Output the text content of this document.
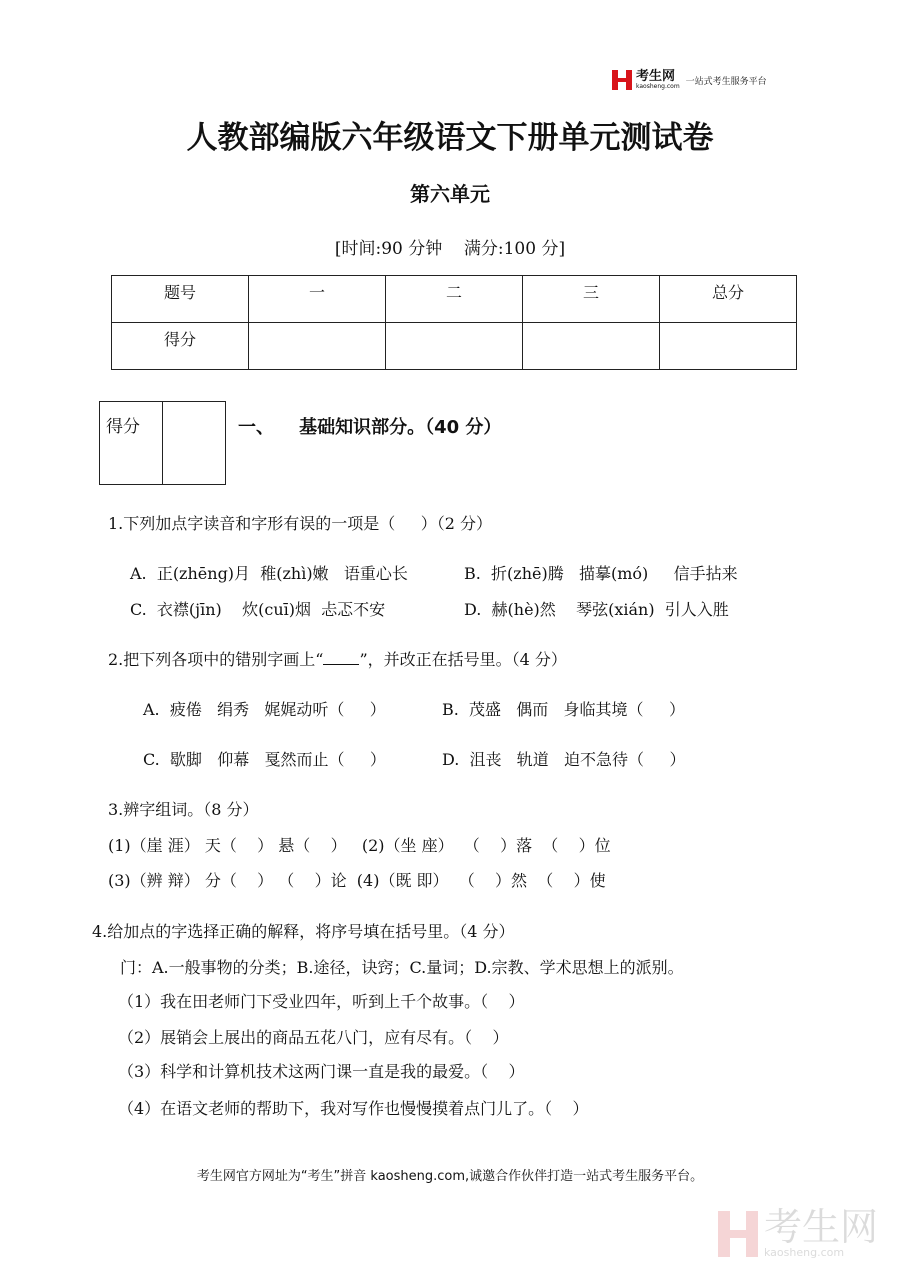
考生网
kaosheng.com 一站式考生服务平台
人教部编版六年级语文下册单元测试卷
第六单元
[时间:90 分钟    满分:100 分]
题号	一	二	三	总分
得分				
得分		一、    基础知识部分。（40 分）
1.下列加点字读音和字形有误的一项是（     ）（2 分）
A.  正(zhēng)月  稚(zhì)嫩   语重心长	B.  折(zhē)腾   描摹(mó)     信手拈来
C.  衣襟(jīn)    炊(cuī)烟  忐忑不安	D.  赫(hè)然    琴弦(xián)  引人入胜
2.把下列各项中的错别字画上“ ”，并改正在括号里。（4 分）
A.  疲倦   绢秀   娓娓动听（     ）	B.  茂盛   偶而   身临其境（     ）
C.  歇脚   仰幕   戛然而止（     ）	D.  沮丧   轨道   迫不急待（     ）
3.辨字组词。（8 分）
(1)（崖 涯） 天（    ） 悬（    ）   (2)（坐 座）  （    ）落  （    ）位
(3)（辨 辩） 分（    ） （    ）论  (4)（既 即）  （    ）然  （    ）使
4.给加点的字选择正确的解释，将序号填在括号里。（4 分）
门：A.一般事物的分类；B.途径，诀窍；C.量词；D.宗教、学术思想上的派别。
（1）我在田老师门下受业四年，听到上千个故事。（    ）
（2）展销会上展出的商品五花八门，应有尽有。（    ）
（3）科学和计算机技术这两门课一直是我的最爱。（    ）
（4）在语文老师的帮助下，我对写作也慢慢摸着点门儿了。（    ）
考生网官方网址为“考生”拼音 kaosheng.com,诚邀合作伙伴打造一站式考生服务平台。
考生网
kaosheng.com
